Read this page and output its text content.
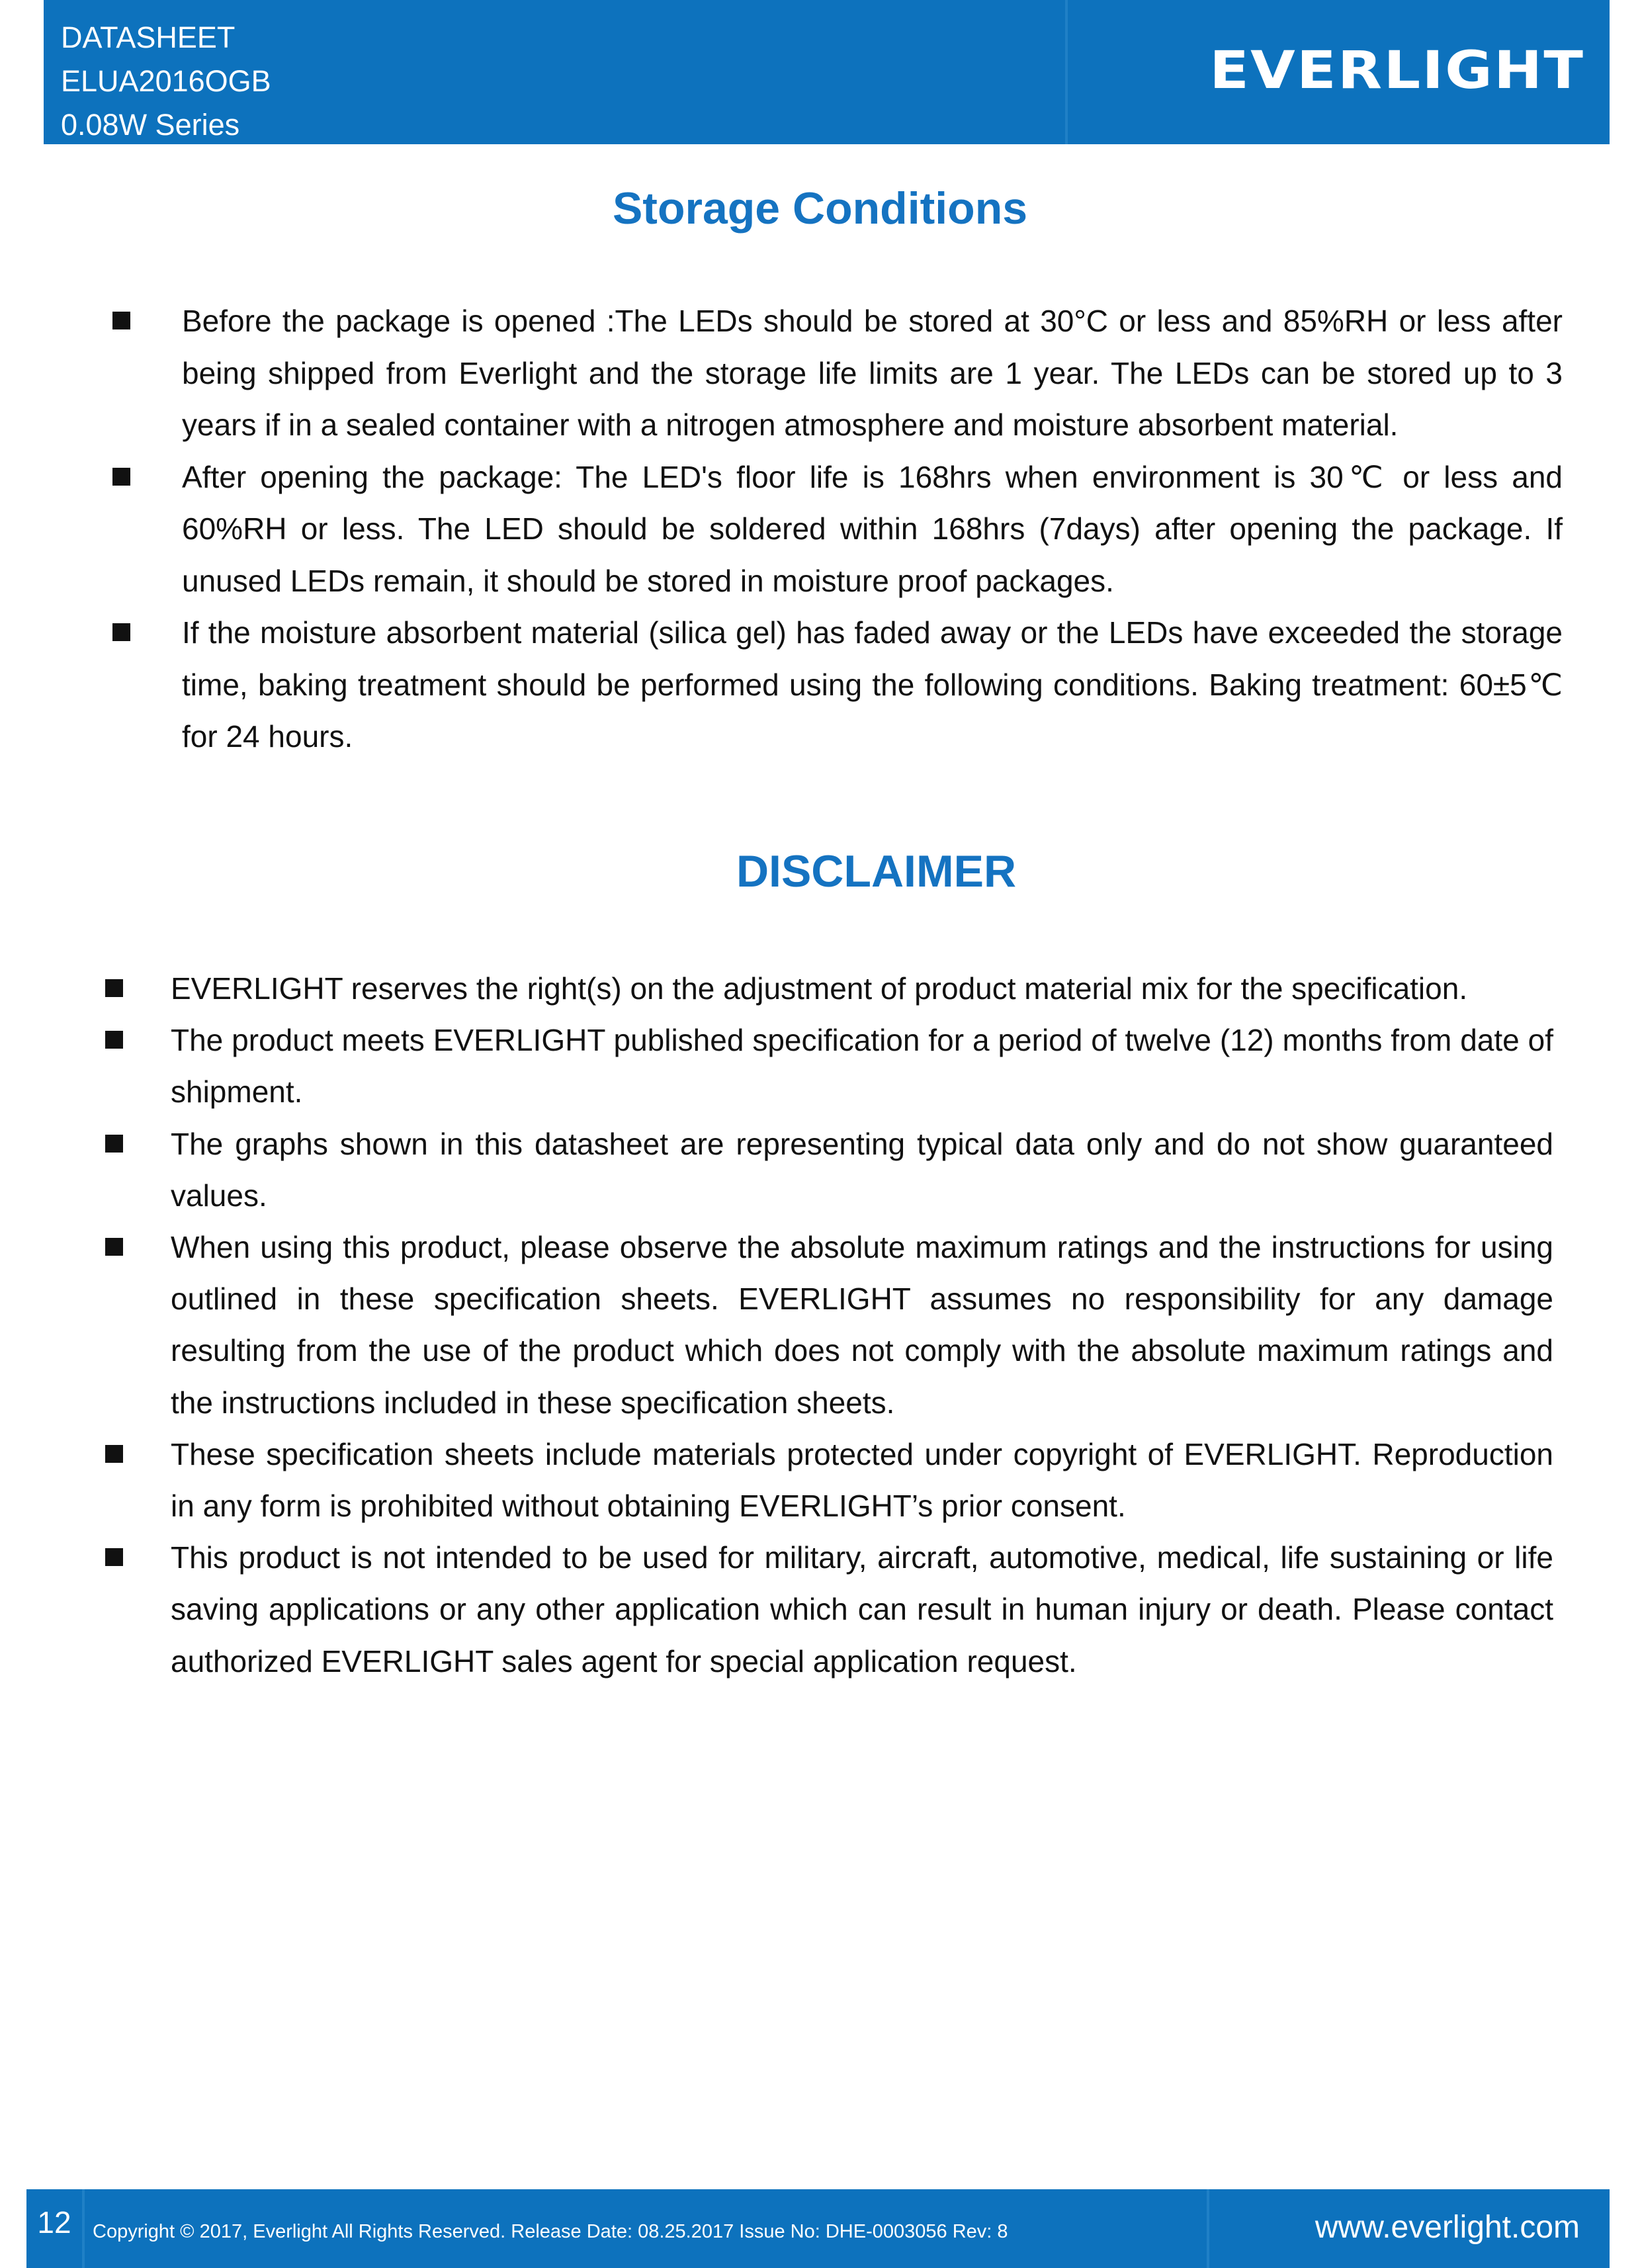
DATASHEET
ELUA2016OGB
0.08W Series
EVERLIGHT
Storage Conditions
Before the package is opened :The LEDs should be stored at 30°C or less and 85%RH or less after being shipped from Everlight and the storage life limits are 1 year. The LEDs can be stored up to 3 years if in a sealed container with a nitrogen atmosphere and moisture absorbent material.
After opening the package: The LED's floor life is 168hrs when environment is 30℃ or less and 60%RH or less. The LED should be soldered within 168hrs (7days) after opening the package. If unused LEDs remain, it should be stored in moisture proof packages.
If the moisture absorbent material (silica gel) has faded away or the LEDs have exceeded the storage time, baking treatment should be performed using the following conditions. Baking treatment: 60±5℃ for 24 hours.
DISCLAIMER
EVERLIGHT reserves the right(s) on the adjustment of product material mix for the specification.
The product meets EVERLIGHT published specification for a period of twelve (12) months from date of shipment.
The graphs shown in this datasheet are representing typical data only and do not show guaranteed values.
When using this product, please observe the absolute maximum ratings and the instructions for using outlined in these specification sheets. EVERLIGHT assumes no responsibility for any damage resulting from the use of the product which does not comply with the absolute maximum ratings and the instructions included in these specification sheets.
These specification sheets include materials protected under copyright of EVERLIGHT. Reproduction in any form is prohibited without obtaining EVERLIGHT’s prior consent.
This product is not intended to be used for military, aircraft, automotive, medical, life sustaining or life saving applications or any other application which can result in human injury or death. Please contact authorized EVERLIGHT sales agent for special application request.
12	Copyright © 2017, Everlight All Rights Reserved. Release Date: 08.25.2017 Issue No: DHE-0003056 Rev: 8	www.everlight.com
